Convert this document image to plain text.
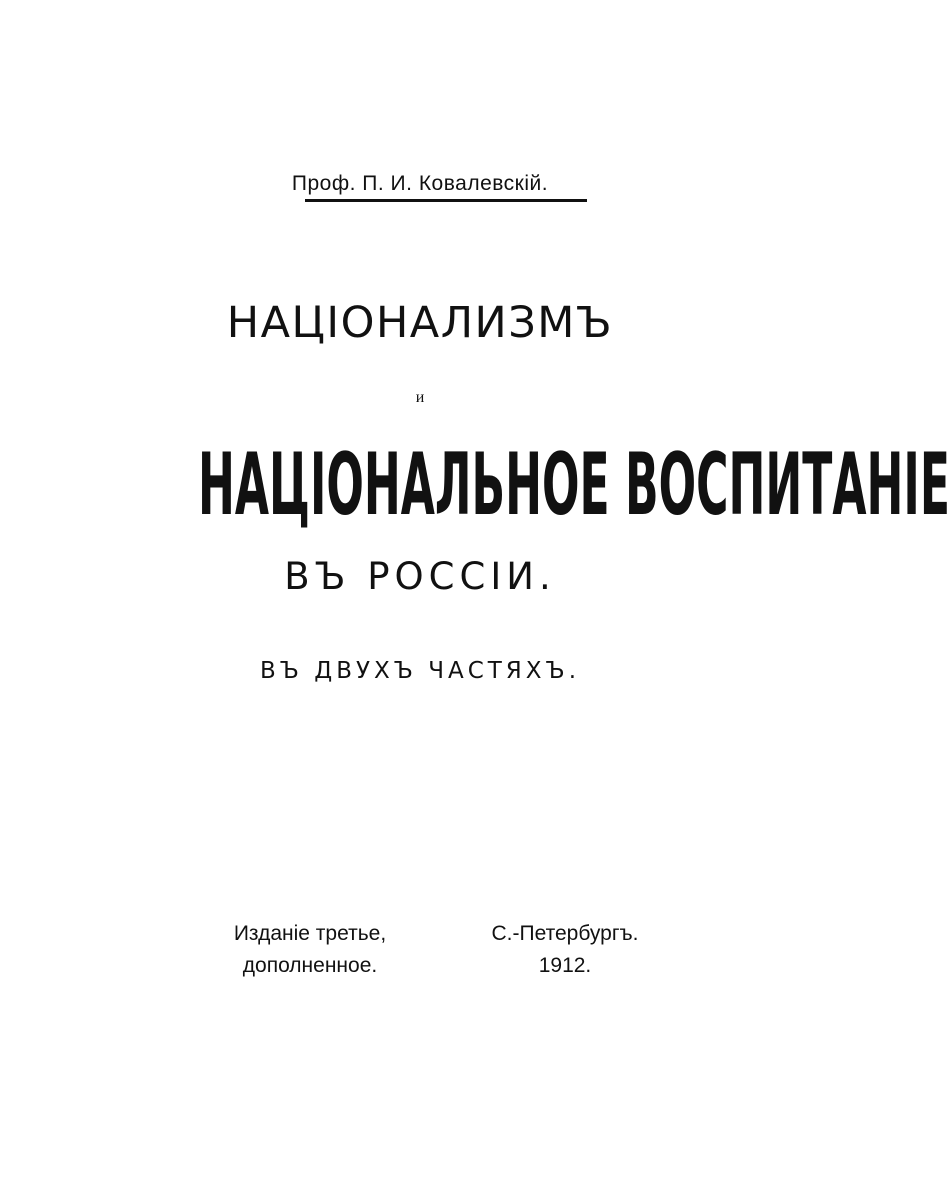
Проф. П. И. Ковалевскій.
НАЦІОНАЛИЗМЪ
и
НАЦІОНАЛЬНОЕ ВОСПИТАНІЕ
ВЪ РОССІИ.
ВЪ ДВУХЪ ЧАСТЯХЪ.
Изданіе третье,
дополненное.
С.-Петербургъ.
1912.
